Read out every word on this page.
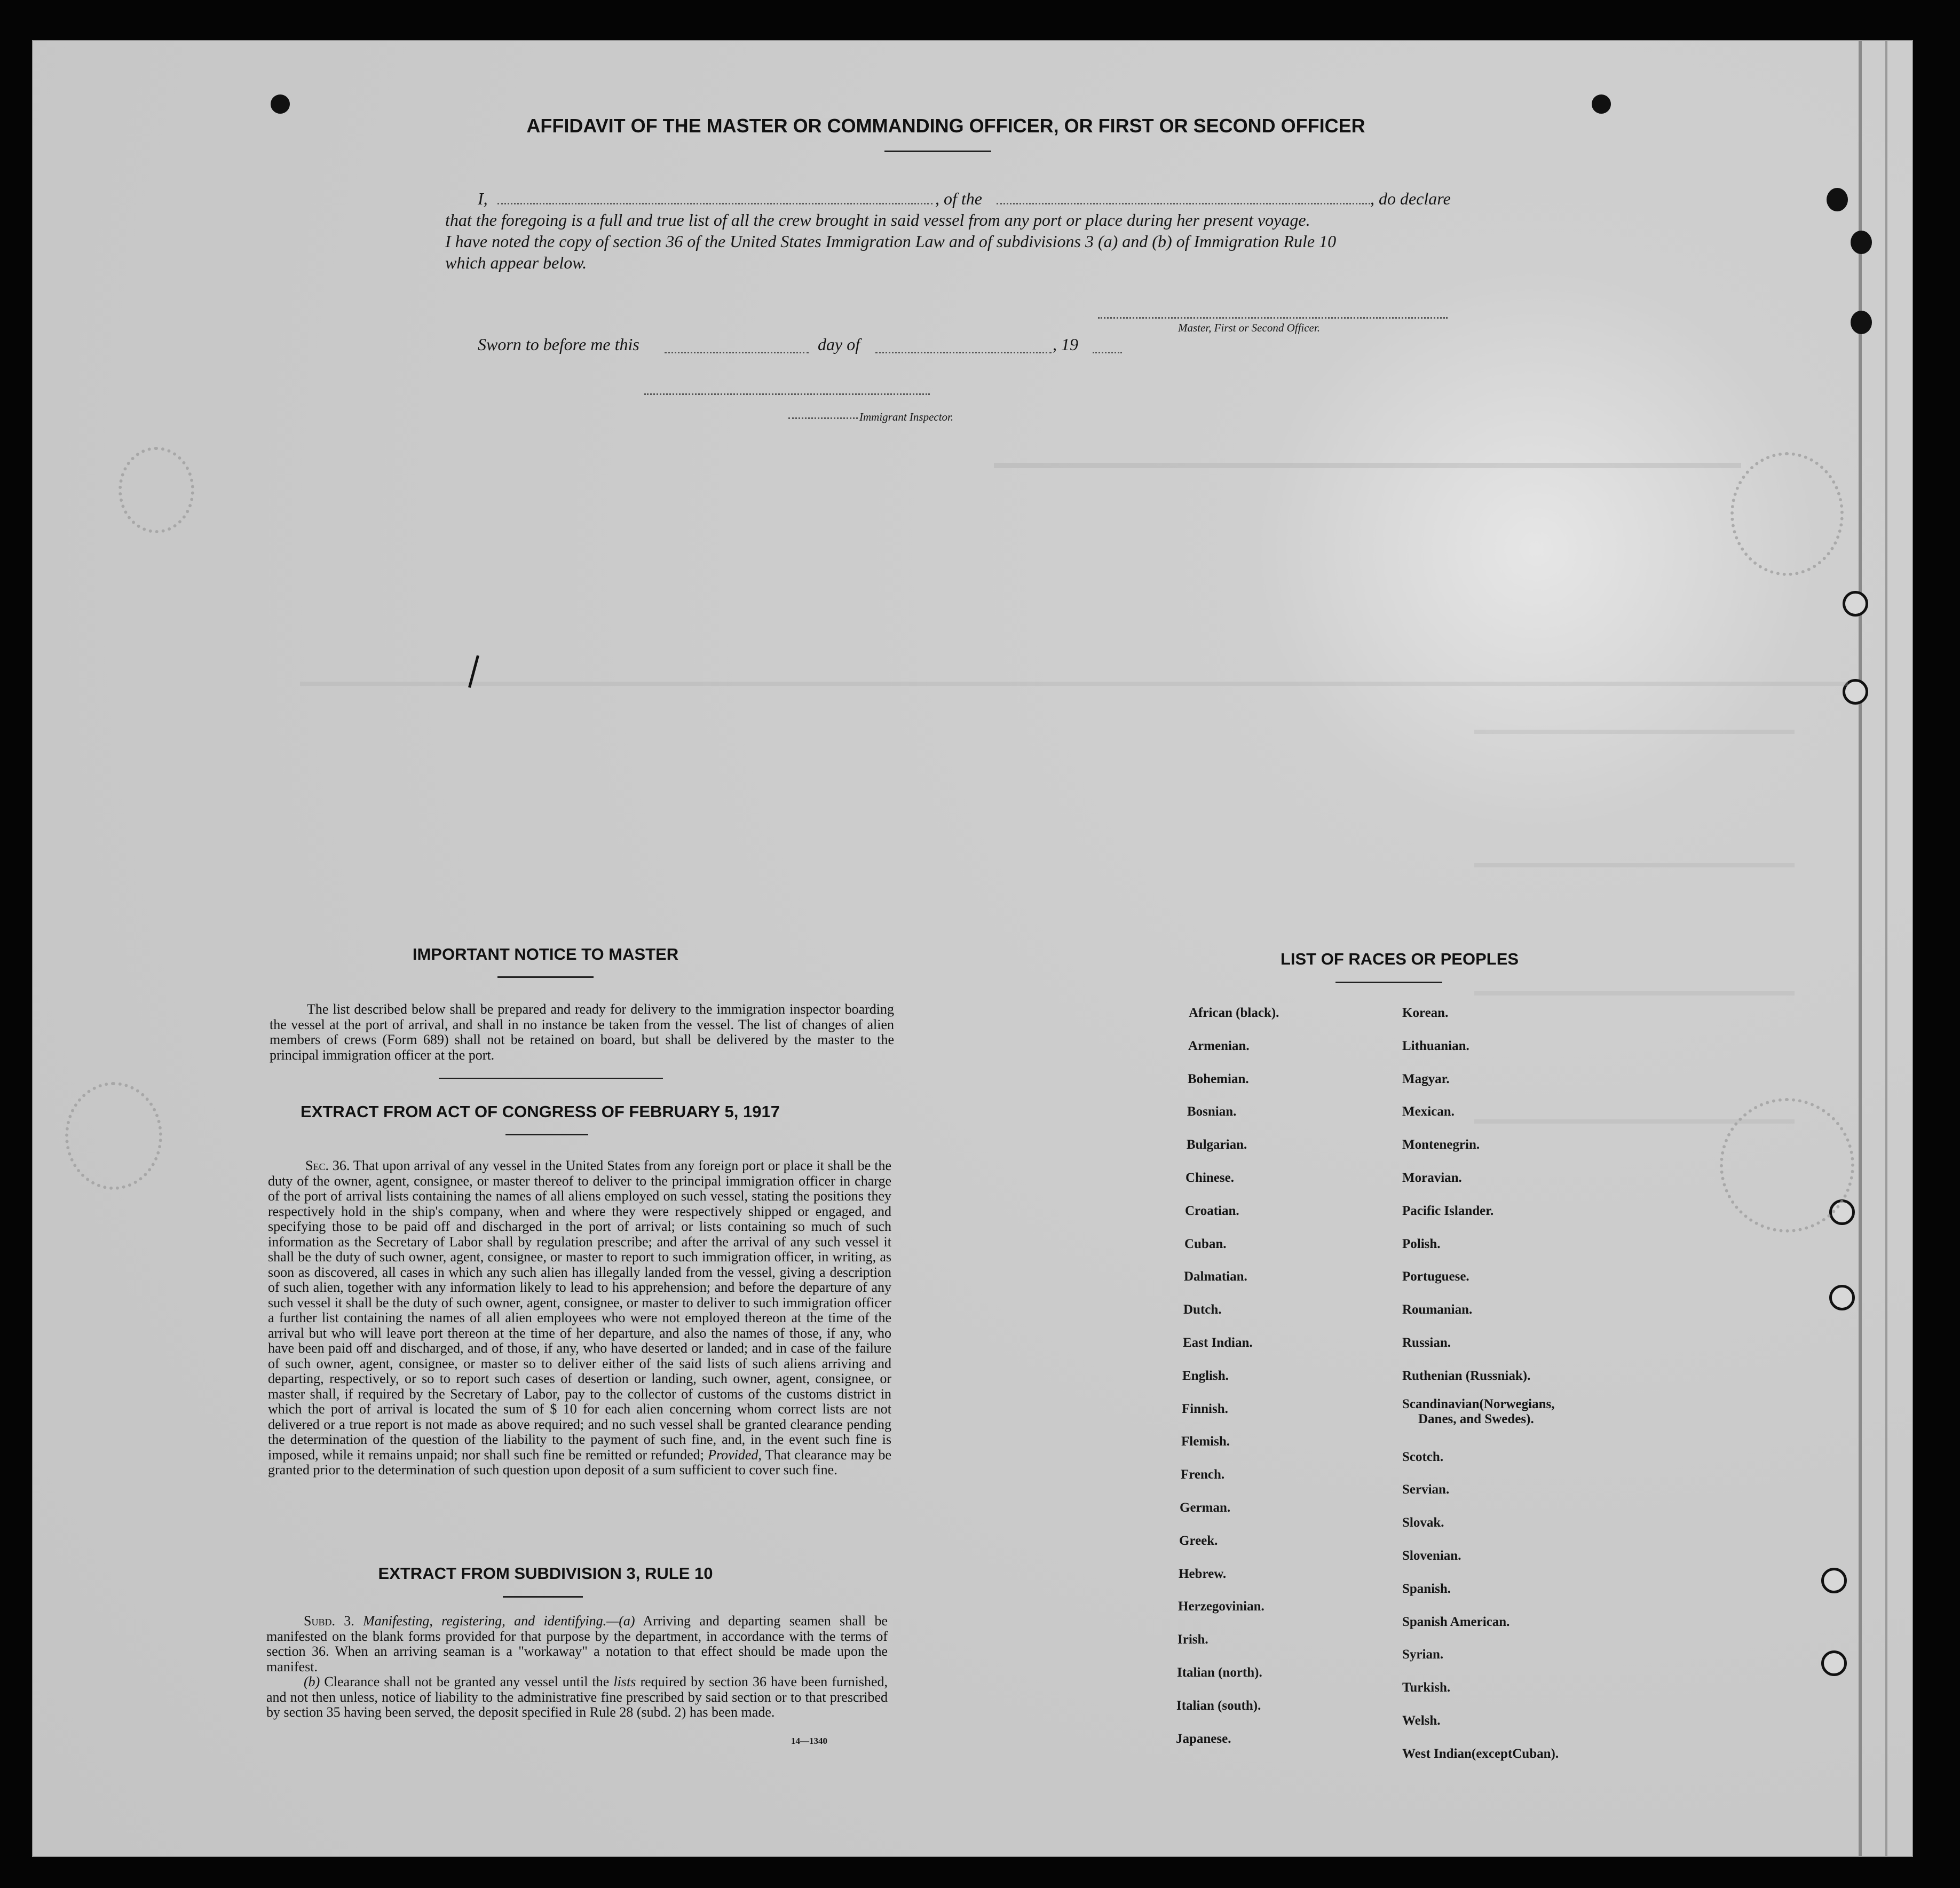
AFFIDAVIT OF THE MASTER OR COMMANDING OFFICER, OR FIRST OR SECOND OFFICER
I,	, of the	, do declare
that the foregoing is a full and true list of all the crew brought in said vessel from any port or place during her present voyage.
I have noted the copy of section 36 of the United States Immigration Law and of subdivisions 3 (a) and (b) of Immigration Rule 10
which appear below.
Master, First or Second Officer.
Sworn to before me this	day of	, 19
Immigrant Inspector.
IMPORTANT NOTICE TO MASTER

The list described below shall be prepared and ready for delivery to the immigration inspector boarding the vessel at the port of arrival, and shall in no instance be taken from the vessel. The list of changes of alien members of crews (Form 689) shall not be retained on board, but shall be delivered by the master to the principal immigration officer at the port.

EXTRACT FROM ACT OF CONGRESS OF FEBRUARY 5, 1917

Sec. 36. That upon arrival of any vessel in the United States from any foreign port or place it shall be the duty of the owner, agent, consignee, or master thereof to deliver to the principal immigration officer in charge of the port of arrival lists containing the names of all aliens employed on such vessel, stating the positions they respectively hold in the ship's company, when and where they were respectively shipped or engaged, and specifying those to be paid off and discharged in the port of arrival; or lists containing so much of such information as the Secretary of Labor shall by regulation prescribe; and after the arrival of any such vessel it shall be the duty of such owner, agent, consignee, or master to report to such immigration officer, in writing, as soon as discovered, all cases in which any such alien has illegally landed from the vessel, giving a description of such alien, together with any information likely to lead to his apprehension; and before the departure of any such vessel it shall be the duty of such owner, agent, consignee, or master to deliver to such immigration officer a further list containing the names of all alien employees who were not employed thereon at the time of the arrival but who will leave port thereon at the time of her departure, and also the names of those, if any, who have been paid off and discharged, and of those, if any, who have deserted or landed; and in case of the failure of such owner, agent, consignee, or master so to deliver either of the said lists of such aliens arriving and departing, respectively, or so to report such cases of desertion or landing, such owner, agent, consignee, or master shall, if required by the Secretary of Labor, pay to the collector of customs of the customs district in which the port of arrival is located the sum of $ 10 for each alien concerning whom correct lists are not delivered or a true report is not made as above required; and no such vessel shall be granted clearance pending the determination of the question of the liability to the payment of such fine, and, in the event such fine is imposed, while it remains unpaid; nor shall such fine be remitted or refunded; Provided, That clearance may be granted prior to the determination of such question upon deposit of a sum sufficient to cover such fine.

EXTRACT FROM SUBDIVISION 3, RULE 10

Subd. 3. Manifesting, registering, and identifying.—(a) Arriving and departing seamen shall be manifested on the blank forms provided for that purpose by the department, in accordance with the terms of section 36. When an arriving seaman is a "workaway" a notation to that effect should be made upon the manifest.

(b) Clearance shall not be granted any vessel until the lists required by section 36 have been furnished, and not then unless, notice of liability to the administrative fine prescribed by said section or to that prescribed by section 35 having been served, the deposit specified in Rule 28 (subd. 2) has been made.

14—1340
LIST OF RACES OR PEOPLES
African (black).
Armenian.
Bohemian.
Bosnian.
Bulgarian.
Chinese.
Croatian.
Cuban.
Dalmatian.
Dutch.
East Indian.
English.
Finnish.
Flemish.
French.
German.
Greek.
Hebrew.
Herzegovinian.
Irish.
Italian (north).
Italian (south).
Japanese.
Korean.
Lithuanian.
Magyar.
Mexican.
Montenegrin.
Moravian.
Pacific Islander.
Polish.
Portuguese.
Roumanian.
Russian.
Ruthenian (Russniak).
Scandinavian(Norwegians,
Danes, and Swedes).
Scotch.
Servian.
Slovak.
Slovenian.
Spanish.
Spanish American.
Syrian.
Turkish.
Welsh.
West Indian(exceptCuban).
